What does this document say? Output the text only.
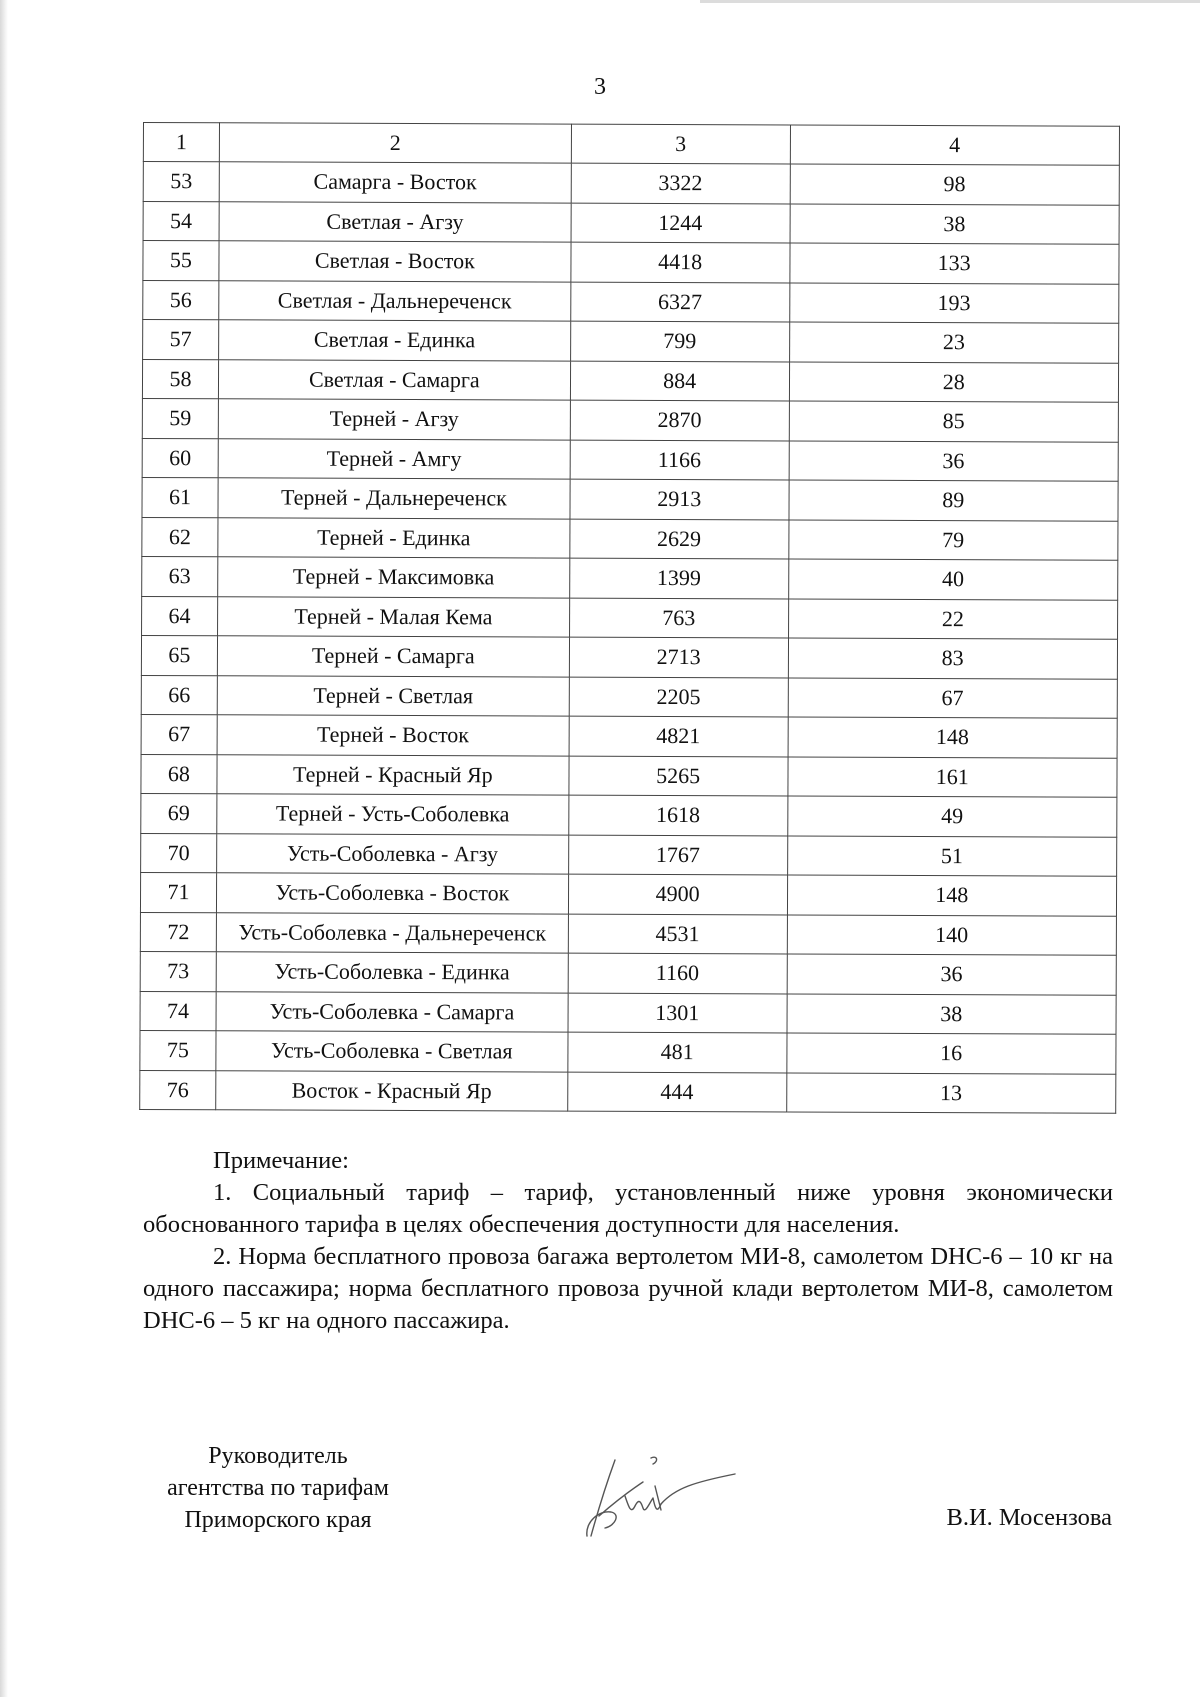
3
1	2	3	4
53	Самарга - Восток	3322	98
54	Светлая - Агзу	1244	38
55	Светлая - Восток	4418	133
56	Светлая - Дальнереченск	6327	193
57	Светлая - Единка	799	23
58	Светлая - Самарга	884	28
59	Терней - Агзу	2870	85
60	Терней - Амгу	1166	36
61	Терней - Дальнереченск	2913	89
62	Терней - Единка	2629	79
63	Терней - Максимовка	1399	40
64	Терней - Малая Кема	763	22
65	Терней - Самарга	2713	83
66	Терней - Светлая	2205	67
67	Терней - Восток	4821	148
68	Терней - Красный Яр	5265	161
69	Терней - Усть-Соболевка	1618	49
70	Усть-Соболевка - Агзу	1767	51
71	Усть-Соболевка - Восток	4900	148
72	Усть-Соболевка - Дальнереченск	4531	140
73	Усть-Соболевка - Единка	1160	36
74	Усть-Соболевка - Самарга	1301	38
75	Усть-Соболевка - Светлая	481	16
76	Восток - Красный Яр	444	13
Примечание:

1. Социальный тариф – тариф, установленный ниже уровня экономически обоснованного тарифа в целях обеспечения доступности для населения.

2. Норма бесплатного провоза багажа вертолетом МИ-8, самолетом DHC-6 – 10 кг на одного пассажира; норма бесплатного провоза ручной клади вертолетом МИ-8, самолетом DHC-6 – 5 кг на одного пассажира.

Руководитель
агентства по тарифам
Приморского края	В.И. Мосензова
